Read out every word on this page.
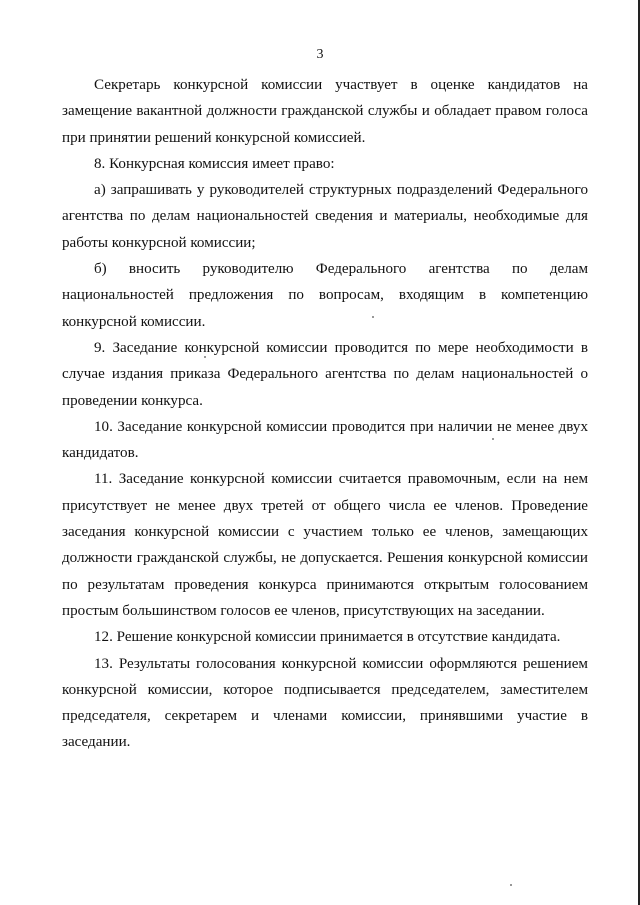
3

Секретарь конкурсной комиссии участвует в оценке кандидатов на замещение вакантной должности гражданской службы и обладает правом голоса при принятии решений конкурсной комиссией.

8. Конкурсная комиссия имеет право:

а) запрашивать у руководителей структурных подразделений Федерального агентства по делам национальностей сведения и материалы, необходимые для работы конкурсной комиссии;

б) вносить руководителю Федерального агентства по делам национальностей предложения по вопросам, входящим в компетенцию конкурсной комиссии.

9. Заседание конкурсной комиссии проводится по мере необходимости в случае издания приказа Федерального агентства по делам национальностей о проведении конкурса.

10. Заседание конкурсной комиссии проводится при наличии не менее двух кандидатов.

11. Заседание конкурсной комиссии считается правомочным, если на нем присутствует не менее двух третей от общего числа ее членов. Проведение заседания конкурсной комиссии с участием только ее членов, замещающих должности гражданской службы, не допускается. Решения конкурсной комиссии по результатам проведения конкурса принимаются открытым голосованием простым большинством голосов ее членов, присутствующих на заседании.

12. Решение конкурсной комиссии принимается в отсутствие кандидата.

13. Результаты голосования конкурсной комиссии оформляются решением конкурсной комиссии, которое подписывается председателем, заместителем председателя, секретарем и членами комиссии, принявшими участие в заседании.
